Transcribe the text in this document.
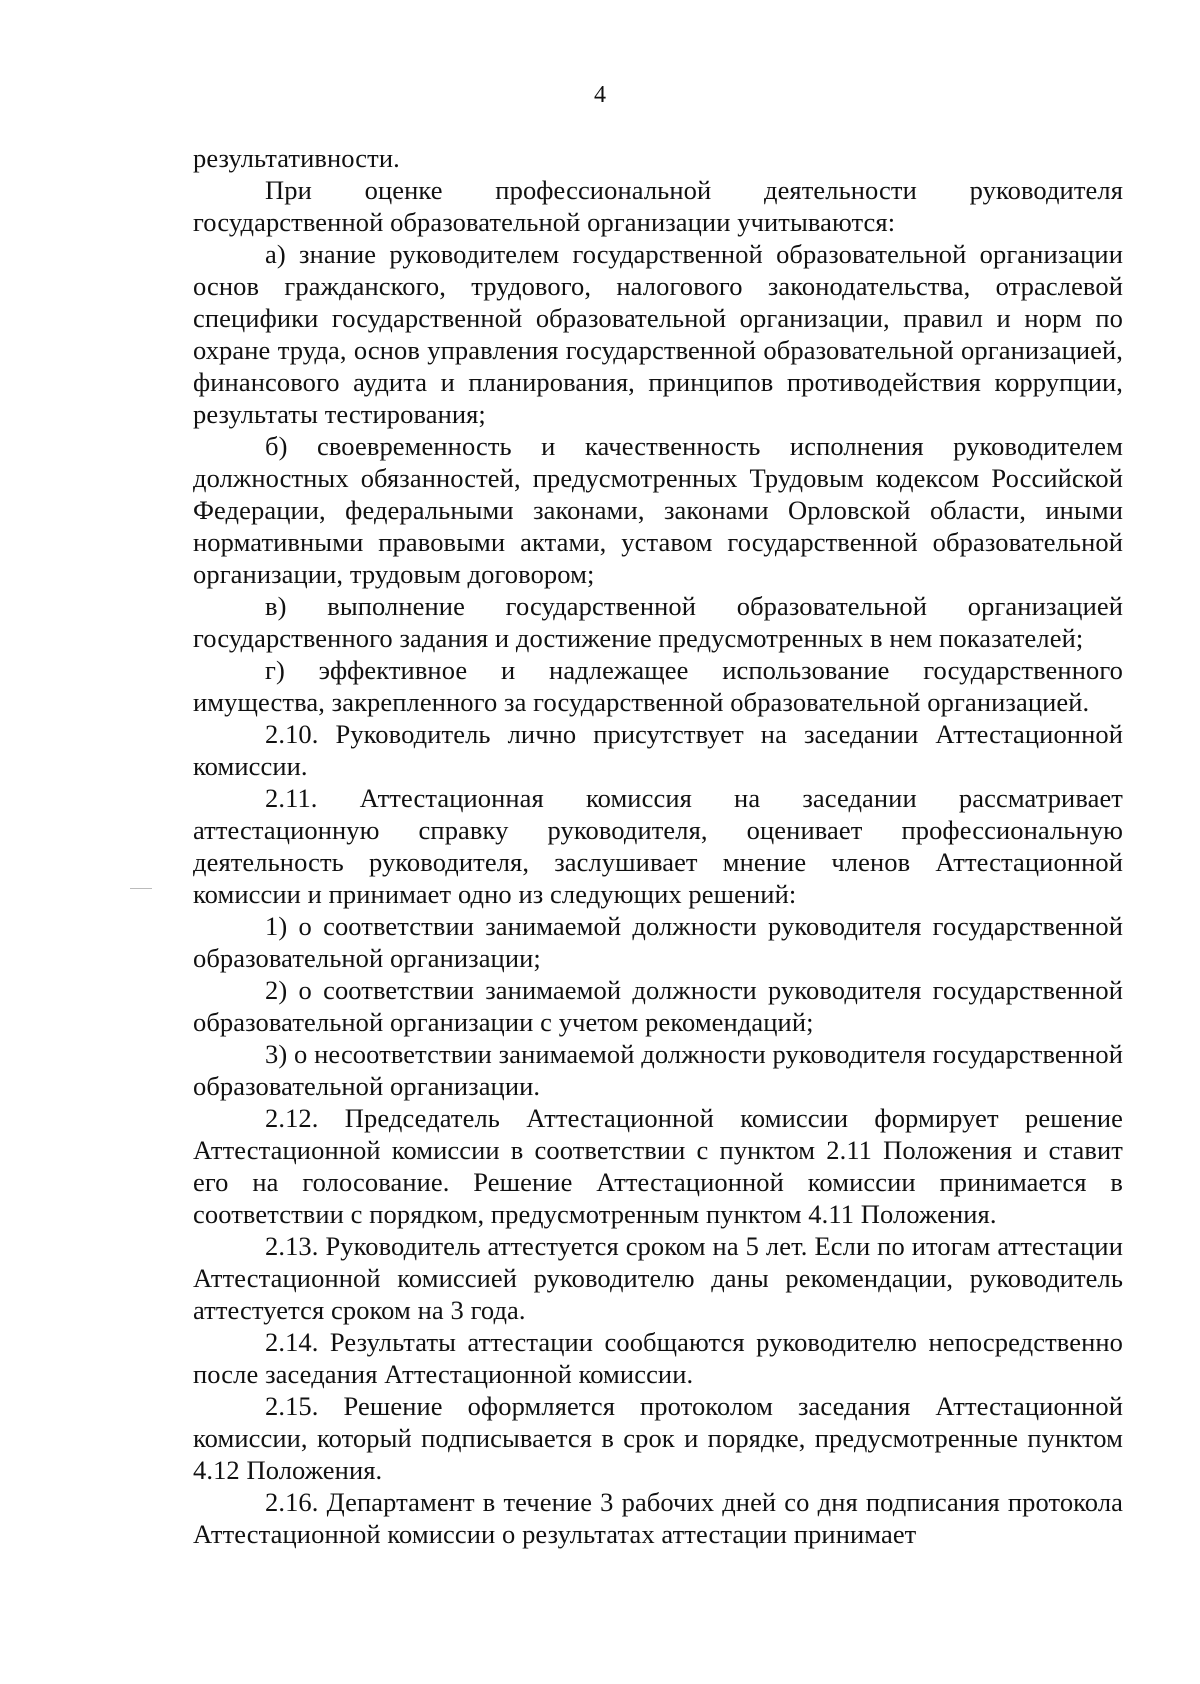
4

результативности.

При оценке профессиональной деятельности руководителя государственной образовательной организации учитываются:

а) знание руководителем государственной образовательной организации основ гражданского, трудового, налогового законодательства, отраслевой специфики государственной образовательной организации, правил и норм по охране труда, основ управления государственной образовательной организацией, финансового аудита и планирования, принципов противодействия коррупции, результаты тестирования;

б) своевременность и качественность исполнения руководителем должностных обязанностей, предусмотренных Трудовым кодексом Российской Федерации, федеральными законами, законами Орловской области, иными нормативными правовыми актами, уставом государственной образовательной организации, трудовым договором;

в) выполнение государственной образовательной организацией государственного задания и достижение предусмотренных в нем показателей;

г) эффективное и надлежащее использование государственного имущества, закрепленного за государственной образовательной организацией.

2.10. Руководитель лично присутствует на заседании Аттестационной комиссии.

2.11. Аттестационная комиссия на заседании рассматривает аттестационную справку руководителя, оценивает профессиональную деятельность руководителя, заслушивает мнение членов Аттестационной комиссии и принимает одно из следующих решений:

1) о соответствии занимаемой должности руководителя государственной образовательной организации;

2) о соответствии занимаемой должности руководителя государственной образовательной организации с учетом рекомендаций;

3) о несоответствии занимаемой должности руководителя государственной образовательной организации.

2.12. Председатель Аттестационной комиссии формирует решение Аттестационной комиссии в соответствии с пунктом 2.11 Положения и ставит его на голосование. Решение Аттестационной комиссии принимается в соответствии с порядком, предусмотренным пунктом 4.11 Положения.

2.13. Руководитель аттестуется сроком на 5 лет. Если по итогам аттестации Аттестационной комиссией руководителю даны рекомендации, руководитель аттестуется сроком на 3 года.

2.14. Результаты аттестации сообщаются руководителю непосредственно после заседания Аттестационной комиссии.

2.15. Решение оформляется протоколом заседания Аттестационной комиссии, который подписывается в срок и порядке, предусмотренные пунктом 4.12 Положения.

2.16. Департамент в течение 3 рабочих дней со дня подписания протокола Аттестационной комиссии о результатах аттестации принимает
